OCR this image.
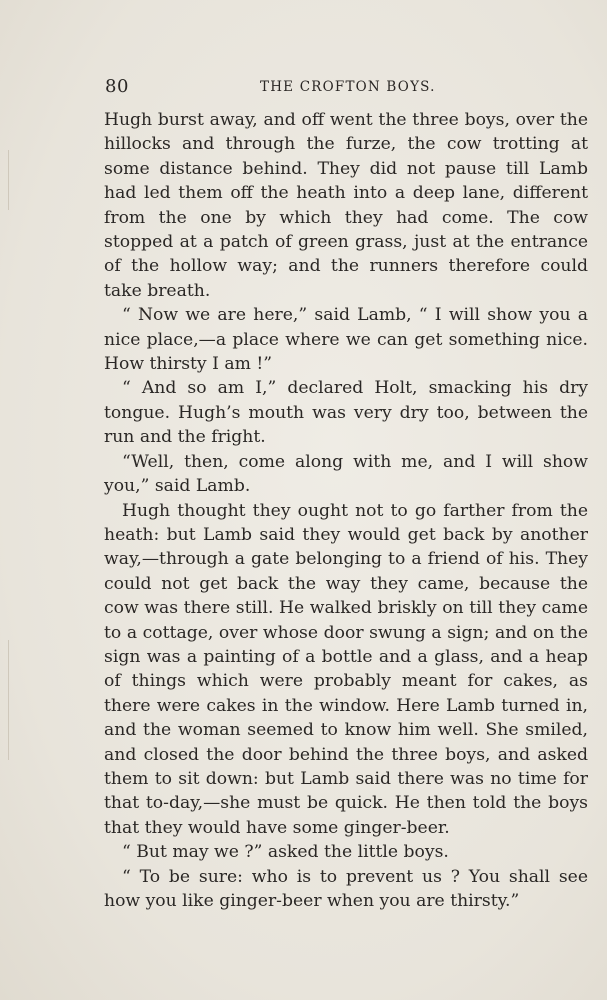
80	THE CROFTON BOYS.

Hugh burst away, and off went the three boys, over the hillocks and through the furze, the cow trotting at some distance behind. They did not pause till Lamb had led them off the heath into a deep lane, different from the one by which they had come. The cow stopped at a patch of green grass, just at the entrance of the hollow way; and the runners therefore could take breath.

“ Now we are here,” said Lamb, “ I will show you a nice place,—a place where we can get something nice. How thirsty I am !”

“ And so am I,” declared Holt, smacking his dry tongue. Hugh’s mouth was very dry too, between the run and the fright.

“Well, then, come along with me, and I will show you,” said Lamb.

Hugh thought they ought not to go farther from the heath: but Lamb said they would get back by another way,—through a gate belonging to a friend of his. They could not get back the way they came, because the cow was there still. He walked briskly on till they came to a cottage, over whose door swung a sign; and on the sign was a painting of a bottle and a glass, and a heap of things which were probably meant for cakes, as there were cakes in the window. Here Lamb turned in, and the woman seemed to know him well. She smiled, and closed the door behind the three boys, and asked them to sit down: but Lamb said there was no time for that to-day,—she must be quick. He then told the boys that they would have some ginger-beer.

“ But may we ?” asked the little boys.

“ To be sure: who is to prevent us ? You shall see how you like ginger-beer when you are thirsty.”
